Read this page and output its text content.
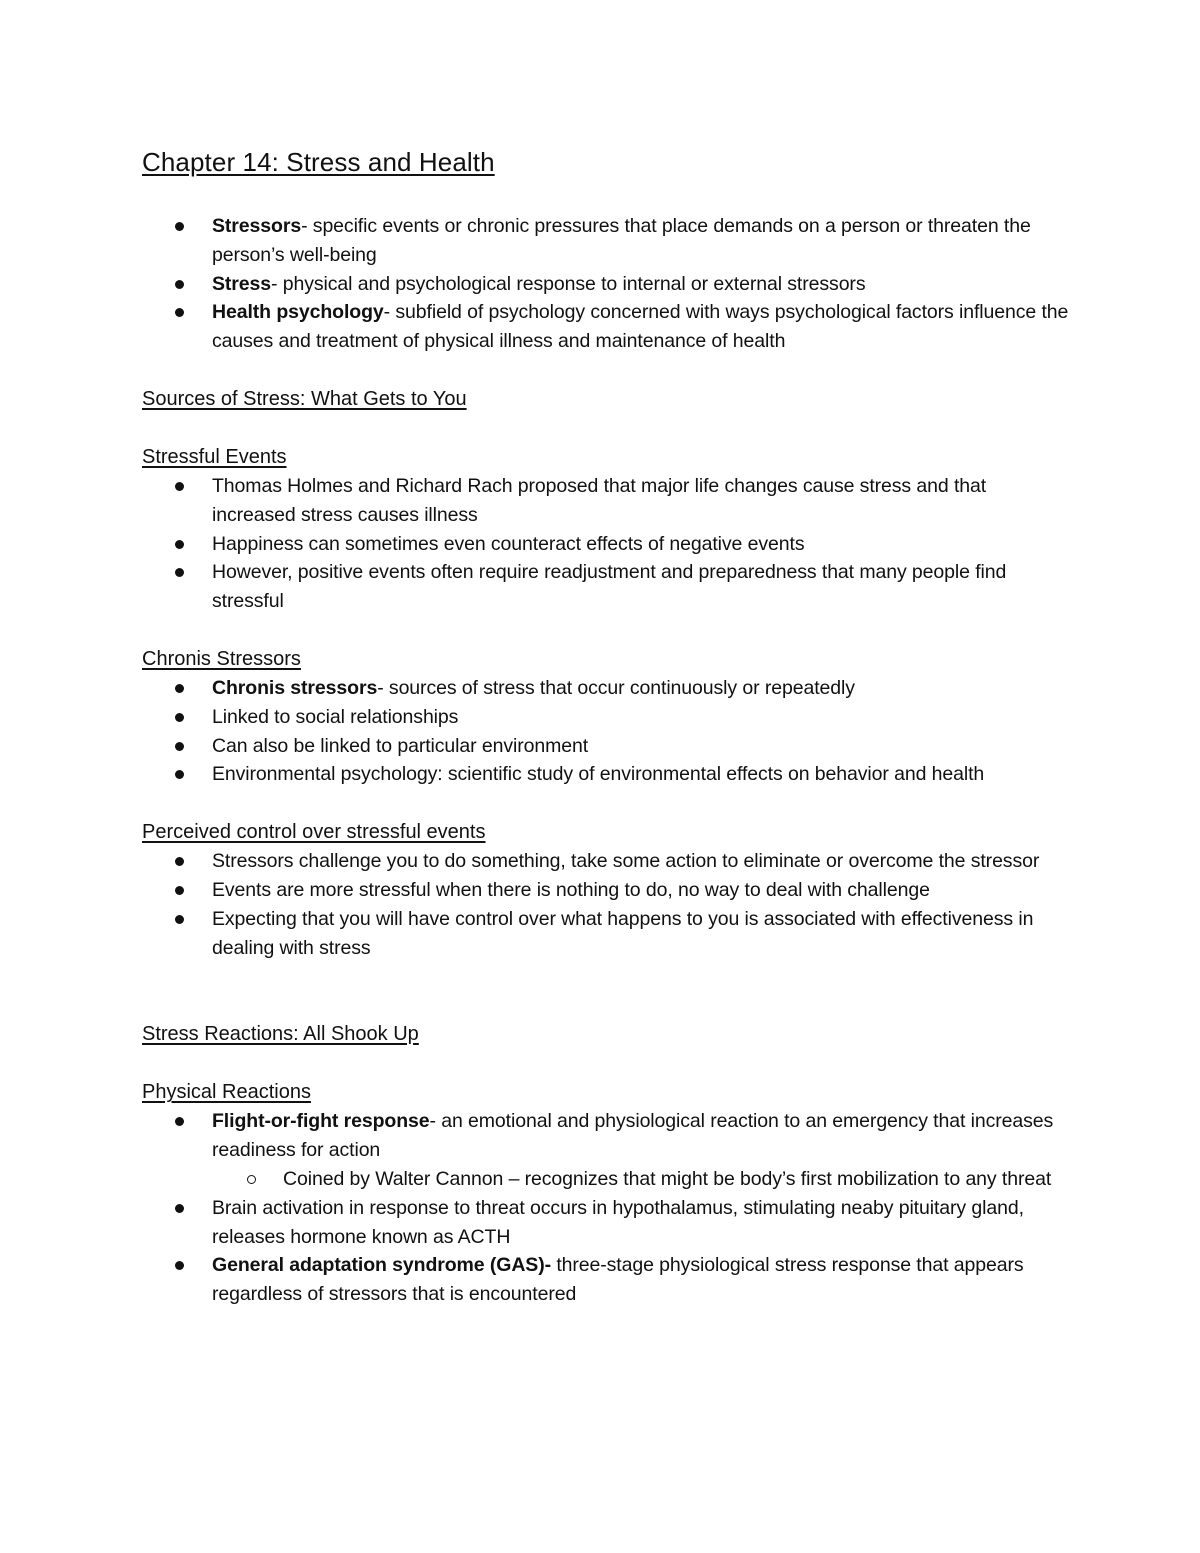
Chapter 14: Stress and Health
Stressors- specific events or chronic pressures that place demands on a person or threaten the person’s well-being
Stress- physical and psychological response to internal or external stressors
Health psychology- subfield of psychology concerned with ways psychological factors influence the causes and treatment of physical illness and maintenance of health

Sources of Stress: What Gets to You

Stressful Events

Thomas Holmes and Richard Rach proposed that major life changes cause stress and that increased stress causes illness
Happiness can sometimes even counteract effects of negative events
However, positive events often require readjustment and preparedness that many people find stressful

Chronis Stressors

Chronis stressors- sources of stress that occur continuously or repeatedly
Linked to social relationships
Can also be linked to particular environment
Environmental psychology: scientific study of environmental effects on behavior and health

Perceived control over stressful events

Stressors challenge you to do something, take some action to eliminate or overcome the stressor
Events are more stressful when there is nothing to do, no way to deal with challenge
Expecting that you will have control over what happens to you is associated with effectiveness in dealing with stress

Stress Reactions: All Shook Up

Physical Reactions

Flight-or-fight response- an emotional and physiological reaction to an emergency that increases readiness for action
Coined by Walter Cannon – recognizes that might be body’s first mobilization to any threat
Brain activation in response to threat occurs in hypothalamus, stimulating neaby pituitary gland, releases hormone known as ACTH
General adaptation syndrome (GAS)- three-stage physiological stress response that appears regardless of stressors that is encountered
